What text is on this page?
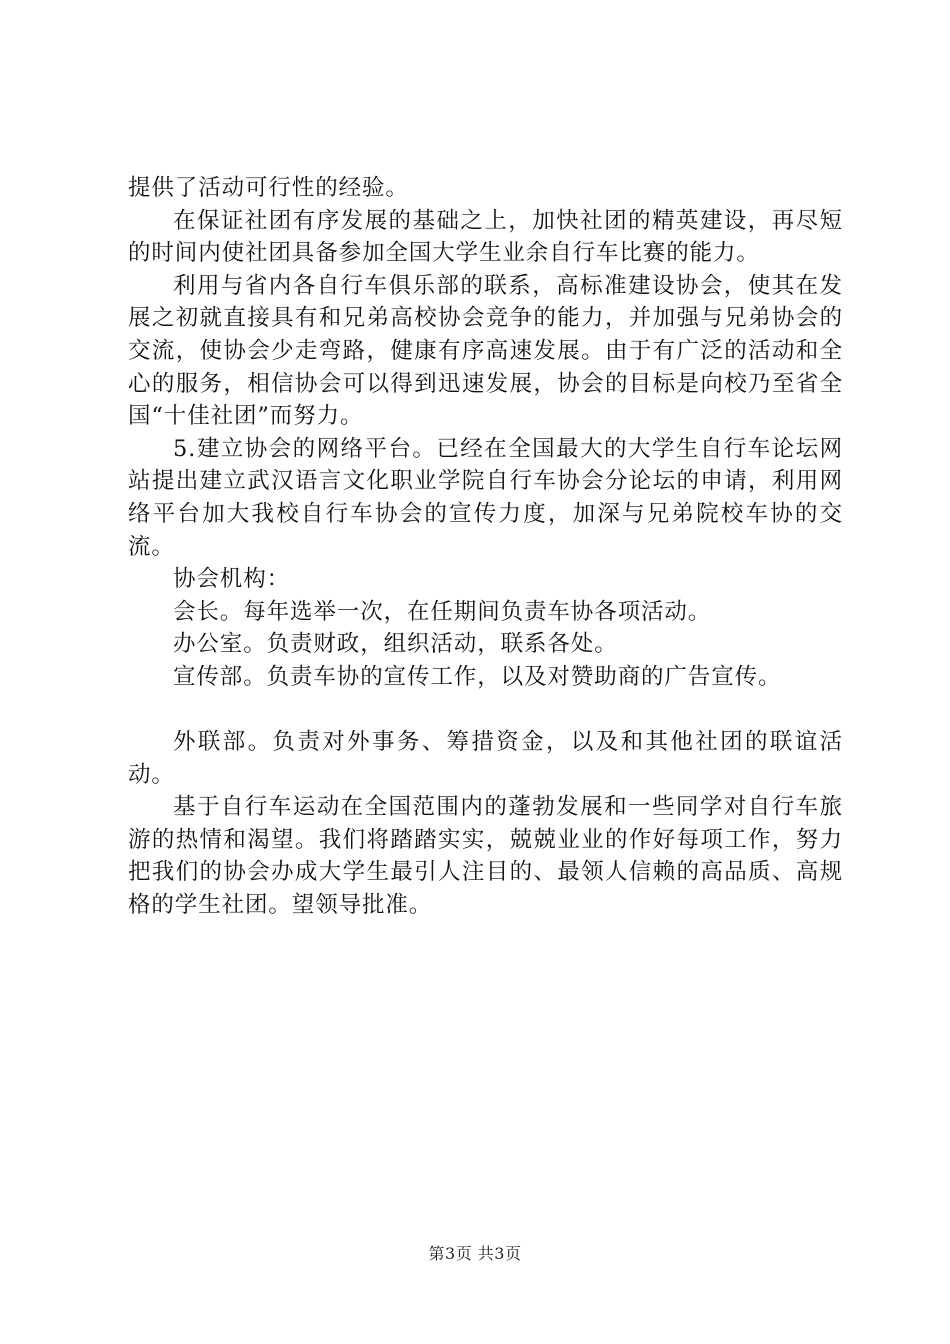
提供了活动可行性的经验。

在保证社团有序发展的基础之上，加快社团的精英建设，再尽短的时间内使社团具备参加全国大学生业余自行车比赛的能力。

利用与省内各自行车俱乐部的联系，高标准建设协会，使其在发展之初就直接具有和兄弟高校协会竞争的能力，并加强与兄弟协会的交流，使协会少走弯路，健康有序高速发展。由于有广泛的活动和全心的服务，相信协会可以得到迅速发展，协会的目标是向校乃至省全国“十佳社团”而努力。

5.建立协会的网络平台。已经在全国最大的大学生自行车论坛网站提出建立武汉语言文化职业学院自行车协会分论坛的申请，利用网络平台加大我校自行车协会的宣传力度，加深与兄弟院校车协的交流。

协会机构：

会长。每年选举一次，在任期间负责车协各项活动。

办公室。负责财政，组织活动，联系各处。

宣传部。负责车协的宣传工作，以及对赞助商的广告宣传。

外联部。负责对外事务、筹措资金，以及和其他社团的联谊活动。

基于自行车运动在全国范围内的蓬勃发展和一些同学对自行车旅游的热情和渴望。我们将踏踏实实，兢兢业业的作好每项工作，努力把我们的协会办成大学生最引人注目的、最领人信赖的高品质、高规格的学生社团。望领导批准。

第3页 共3页
